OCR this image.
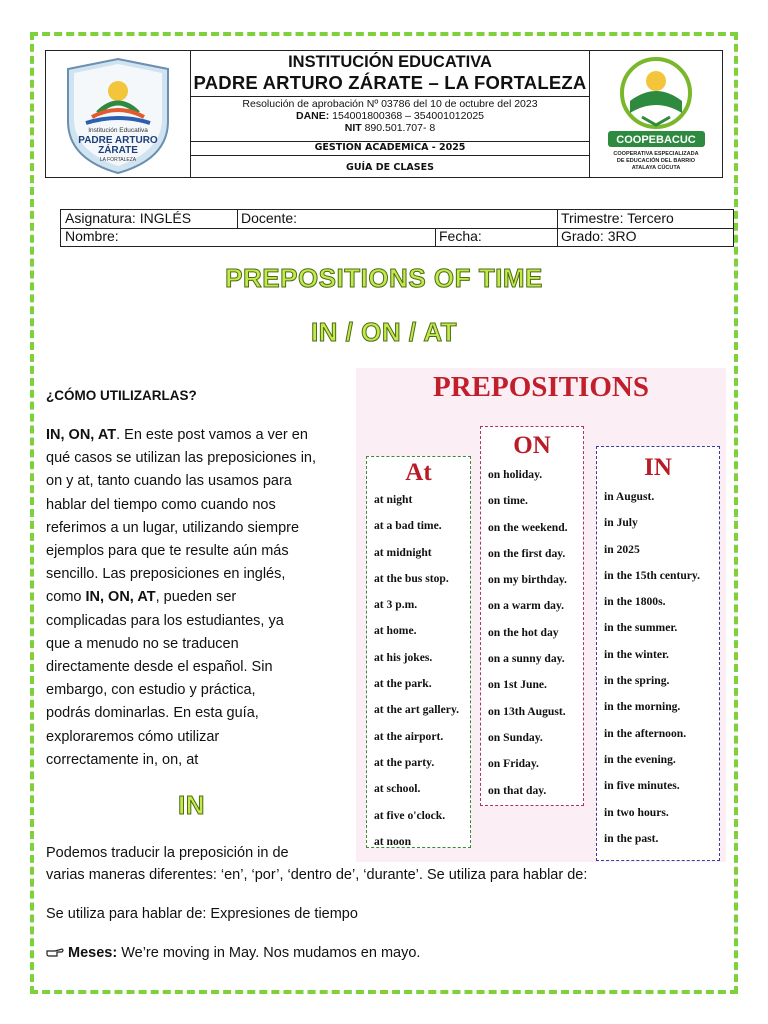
Institución Educativa
PADRE ARTURO
ZÁRATE
LA FORTALEZA
INSTITUCIÓN EDUCATIVA
PADRE ARTURO ZÁRATE – LA FORTALEZA
Resolución de aprobación Nº 03786 del 10 de octubre del 2023
DANE: 154001800368 – 354001012025
NIT 890.501.707- 8
GESTION ACADEMICA - 2025
GUÍA DE CLASES
COOPEBACUC
COOPERATIVA ESPECIALIZADA
DE EDUCACIÓN DEL BARRIO
ATALAYA CÚCUTA
Asignatura: INGLÉS	Docente:	Trimestre: Tercero
Nombre:	Fecha:	Grado: 3RO
PREPOSITIONS OF TIME
IN / ON / AT
¿CÓMO UTILIZARLAS?
IN, ON, AT. En este post vamos a ver en
qué casos se utilizan las preposiciones in,
on y at, tanto cuando las usamos para
hablar del tiempo como cuando nos
referimos a un lugar, utilizando siempre
ejemplos para que te resulte aún más
sencillo. Las preposiciones en inglés,
como IN, ON, AT, pueden ser
complicadas para los estudiantes, ya
que a menudo no se traducen
directamente desde el español. Sin
embargo, con estudio y práctica,
podrás dominarlas. En esta guía,
exploraremos cómo utilizar
correctamente in, on, at
IN
Podemos traducir la preposición in de
varias maneras diferentes: ‘en’, ‘por’, ‘dentro de’, ‘durante’. Se utiliza para hablar de:
Se utiliza para hablar de: Expresiones de tiempo
Meses: We’re moving in May. Nos mudamos en mayo.
PREPOSITIONS
At
at night
at a bad time.
at midnight
at the bus stop.
at 3 p.m.
at home.
at his jokes.
at the park.
at the art gallery.
at the airport.
at the party.
at school.
at five o'clock.
at noon
ON
on holiday.
on time.
on the weekend.
on the first day.
on my birthday.
on a warm day.
on the hot day
on a sunny day.
on 1st June.
on 13th August.
on Sunday.
on Friday.
on that day.
IN
in August.
in July
in 2025
in the 15th century.
in the 1800s.
in the summer.
in the winter.
in the spring.
in the morning.
in the afternoon.
in the evening.
in five minutes.
in two hours.
in the past.
